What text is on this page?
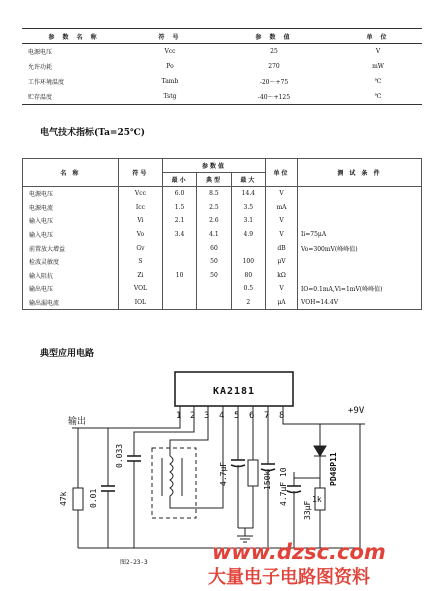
参 数 名 称	符 号	参 数 值	单 位
电源电压	Vcc	25	V
允许功耗	Po	270	mW
工作环境温度	Tamb	-20～+75	℃
贮存温度	Tstg	-40～+125	℃
电气技术指标(Ta=25℃)
名 称	符号	参数值			单位	测 试 条 件
		最小	典型	最大		
电源电压	Vcc	6.0	8.5	14.4	V	
电源电流	Icc	1.5	2.5	3.5	mA	
输入电压	Vi	2.1	2.6	3.1	V	
输入电压	Vo	3.4	4.1	4.9	V	Ii=75μA
前置放大增益	Gv		60		dB	Vo=300mV(峰峰值)
检波灵敏度	S		50	100	μV	
输入阻抗	Zi	10	50	80	kΩ	
输出电压	VOL			0.5	V	IO=0.1mA,Vi=1mV(峰峰值)
输出漏电流	IOL			2	μA	VOH=14.4V
典型应用电路
KA2181
1 2 3 4 5 6 7 8
输出
+9V
47k	0.01
0.033
4.7μF	150k 4.7μF 10
33μF
PD48P11
1k
图2-23-3	www.dzsc.com
大量电子电路图资料
